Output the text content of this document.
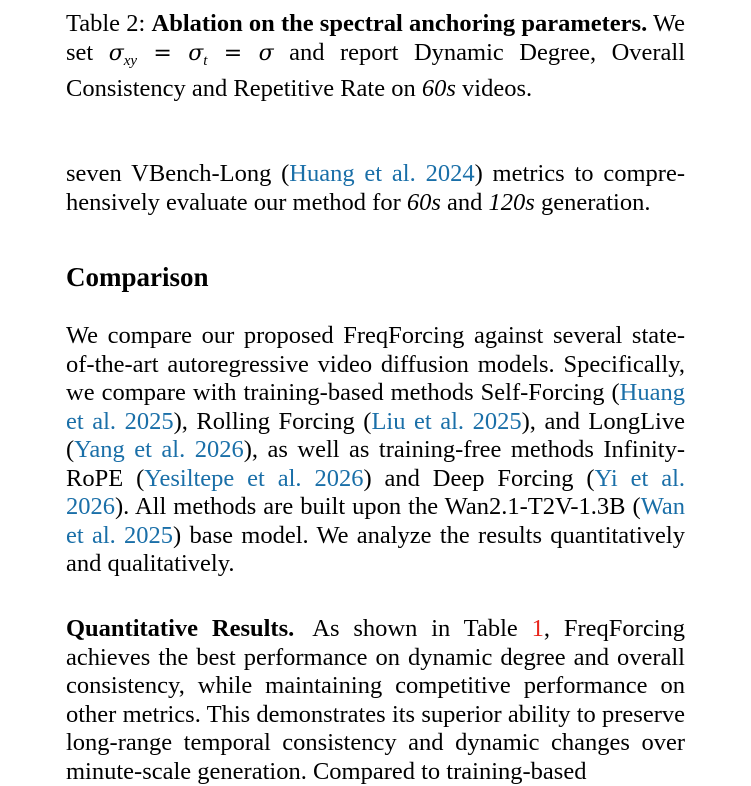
Table 2: Ablation on the spectral anchoring parameters. We set $\sigma_{xy} = \sigma_t = \sigma$ and report Dynamic Degree, Overall Consistency and Repetitive Rate on 60s videos.

seven VBench-Long (Huang et al. 2024) metrics to comprehensively evaluate our method for 60s and 120s generation.

Comparison

We compare our proposed FreqForcing against several state-of-the-art autoregressive video diffusion models. Specifically, we compare with training-based methods Self-Forcing (Huang et al. 2025), Rolling Forcing (Liu et al. 2025), and LongLive (Yang et al. 2026), as well as training-free methods Infinity-RoPE (Yesiltepe et al. 2026) and Deep Forcing (Yi et al. 2026). All methods are built upon the Wan2.1-T2V-1.3B (Wan et al. 2025) base model. We analyze the results quantitatively and qualitatively.

Quantitative Results. As shown in Table 1, FreqForcing achieves the best performance on dynamic degree and overall consistency, while maintaining competitive performance on other metrics. This demonstrates its superior ability to preserve long-range temporal consistency and dynamic changes over minute-scale generation. Compared to training-based
